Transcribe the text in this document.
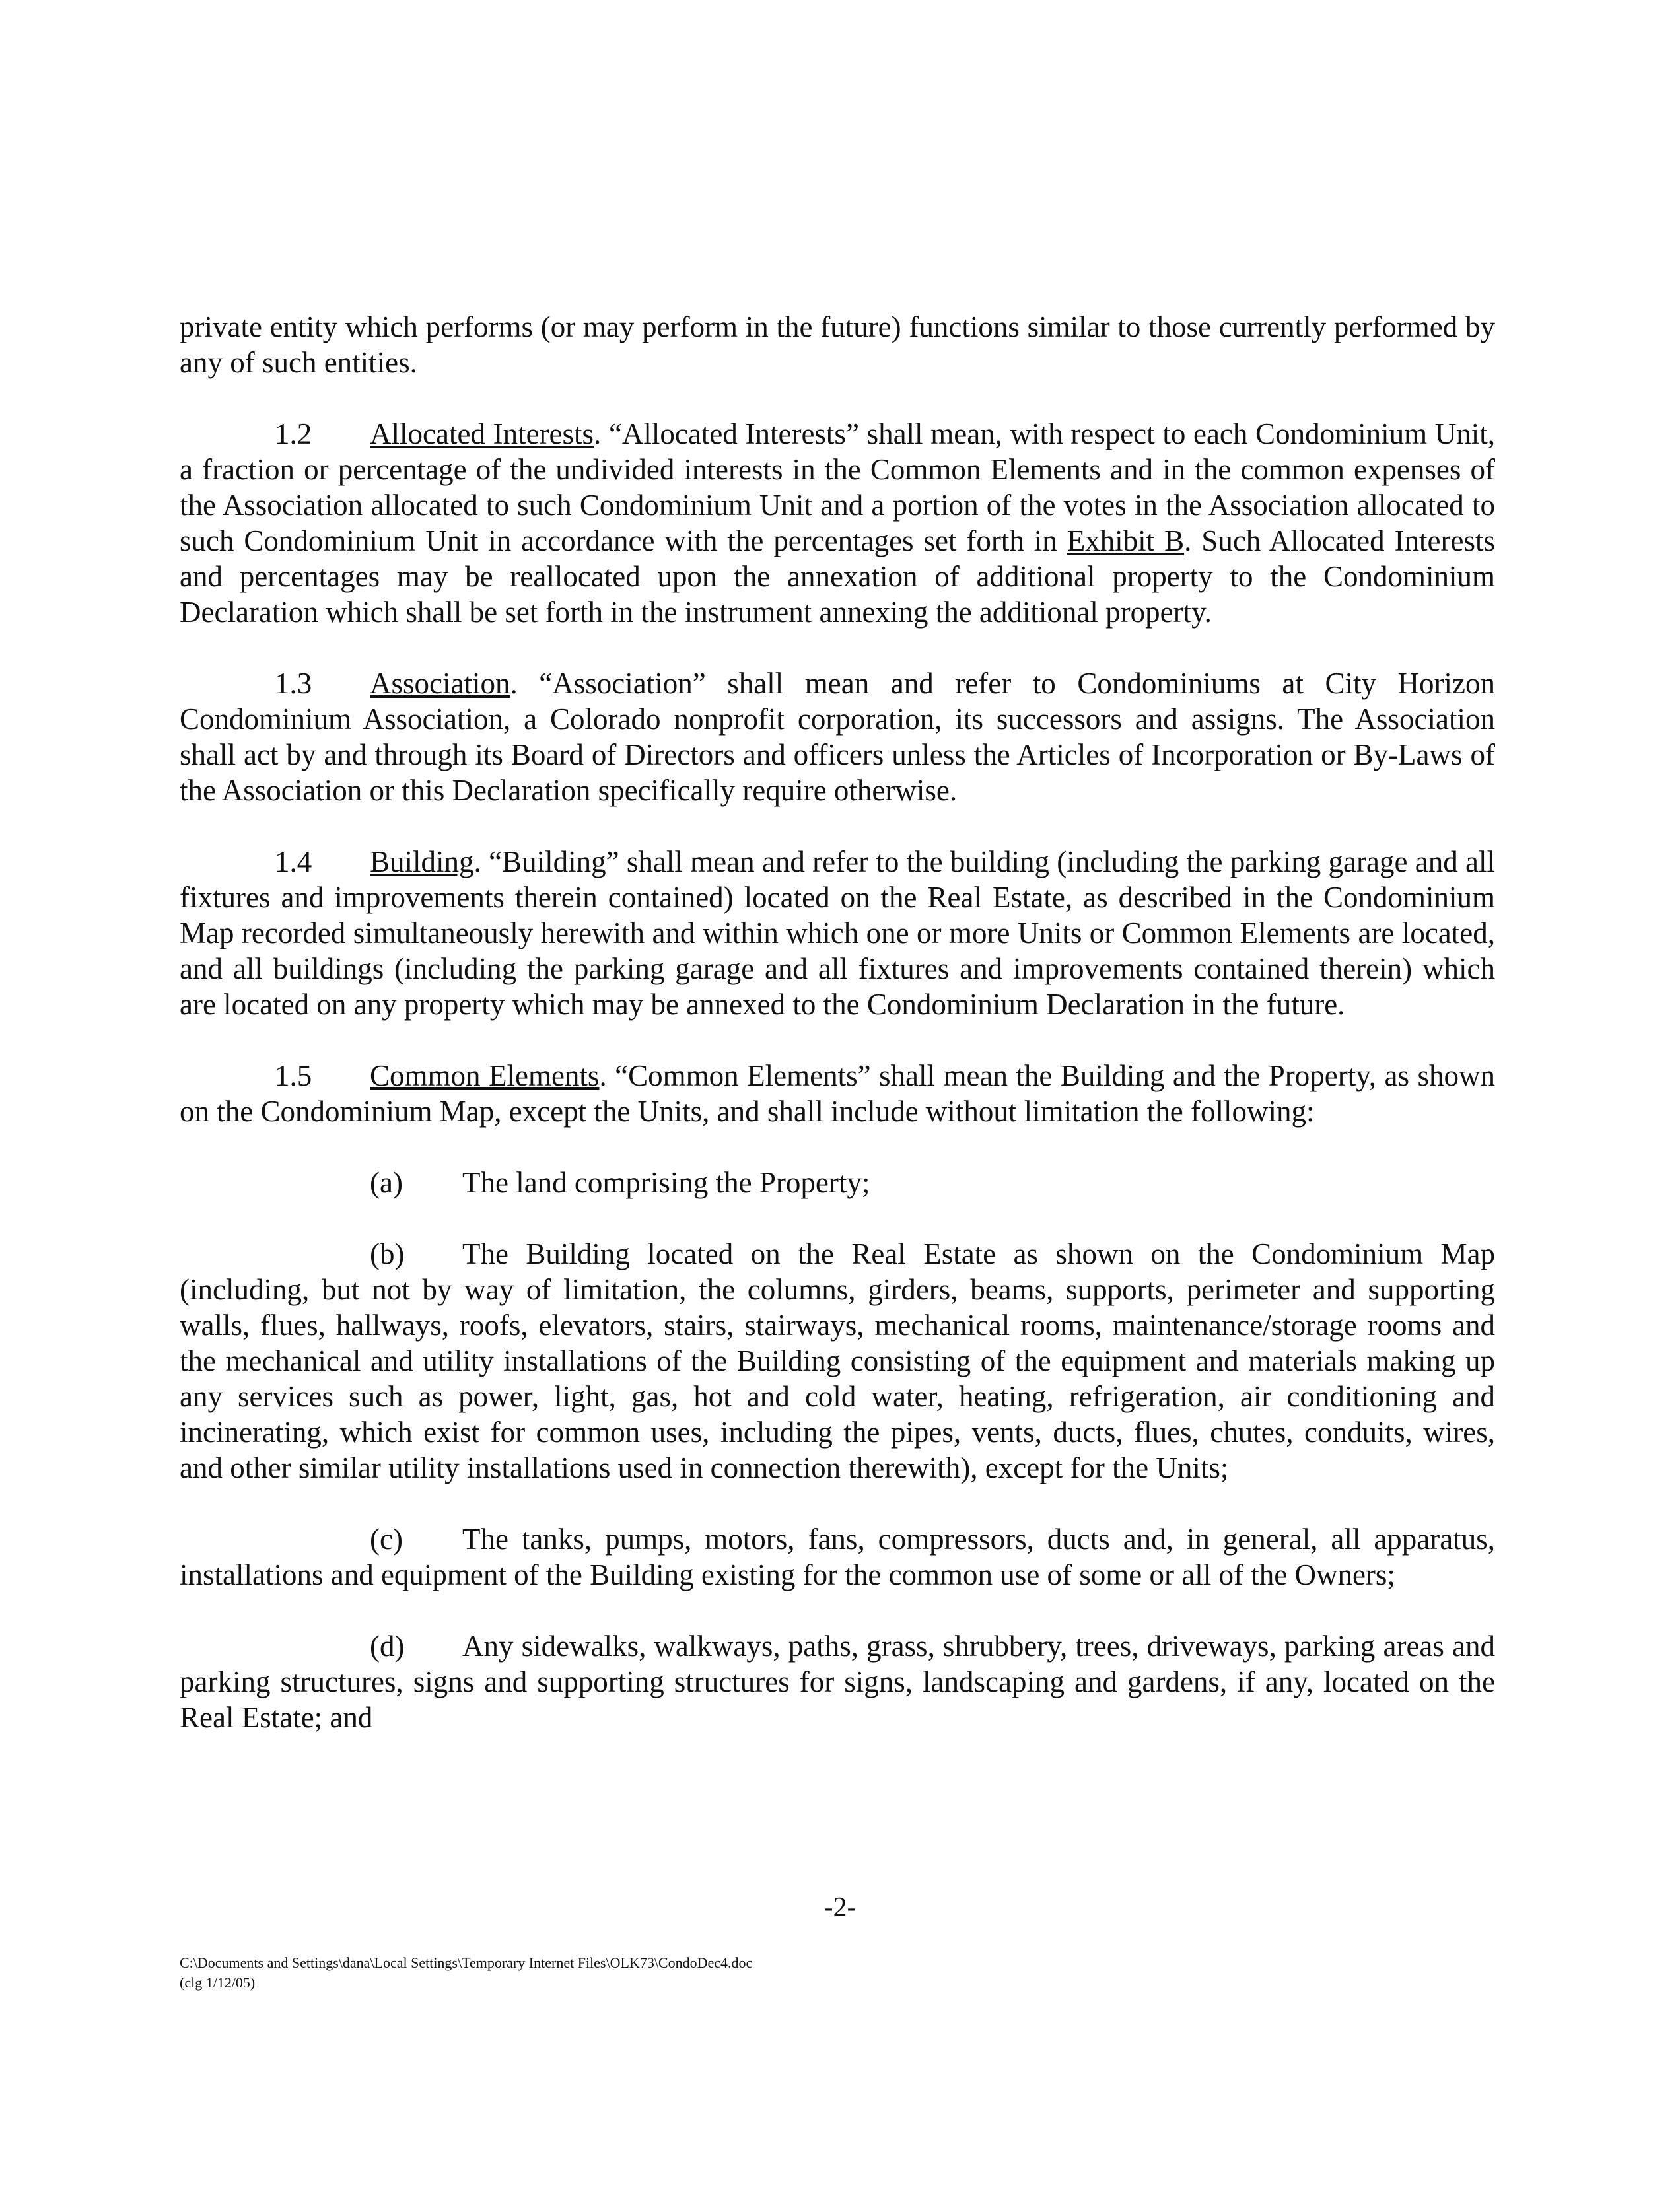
private entity which performs (or may perform in the future) functions similar to those currently performed by any of such entities.

1.2 Allocated Interests. “Allocated Interests” shall mean, with respect to each Condominium Unit, a fraction or percentage of the undivided interests in the Common Elements and in the common expenses of the Association allocated to such Condominium Unit and a portion of the votes in the Association allocated to such Condominium Unit in accordance with the percentages set forth in Exhibit B. Such Allocated Interests and percentages may be reallocated upon the annexation of additional property to the Condominium Declaration which shall be set forth in the instrument annexing the additional property.

1.3 Association. “Association” shall mean and refer to Condominiums at City Horizon Condominium Association, a Colorado nonprofit corporation, its successors and assigns. The Association shall act by and through its Board of Directors and officers unless the Articles of Incorporation or By-Laws of the Association or this Declaration specifically require otherwise.

1.4 Building. “Building” shall mean and refer to the building (including the parking garage and all fixtures and improvements therein contained) located on the Real Estate, as described in the Condominium Map recorded simultaneously herewith and within which one or more Units or Common Elements are located, and all buildings (including the parking garage and all fixtures and improvements contained therein) which are located on any property which may be annexed to the Condominium Declaration in the future.

1.5 Common Elements. “Common Elements” shall mean the Building and the Property, as shown on the Condominium Map, except the Units, and shall include without limitation the following:

(a) The land comprising the Property;

(b) The Building located on the Real Estate as shown on the Condominium Map (including, but not by way of limitation, the columns, girders, beams, supports, perimeter and supporting walls, flues, hallways, roofs, elevators, stairs, stairways, mechanical rooms, maintenance/storage rooms and the mechanical and utility installations of the Building consisting of the equipment and materials making up any services such as power, light, gas, hot and cold water, heating, refrigeration, air conditioning and incinerating, which exist for common uses, including the pipes, vents, ducts, flues, chutes, conduits, wires, and other similar utility installations used in connection therewith), except for the Units;

(c) The tanks, pumps, motors, fans, compressors, ducts and, in general, all apparatus, installations and equipment of the Building existing for the common use of some or all of the Owners;

(d) Any sidewalks, walkways, paths, grass, shrubbery, trees, driveways, parking areas and parking structures, signs and supporting structures for signs, landscaping and gardens, if any, located on the Real Estate; and

-2-
C:\Documents and Settings\dana\Local Settings\Temporary Internet Files\OLK73\CondoDec4.doc
(clg 1/12/05)
